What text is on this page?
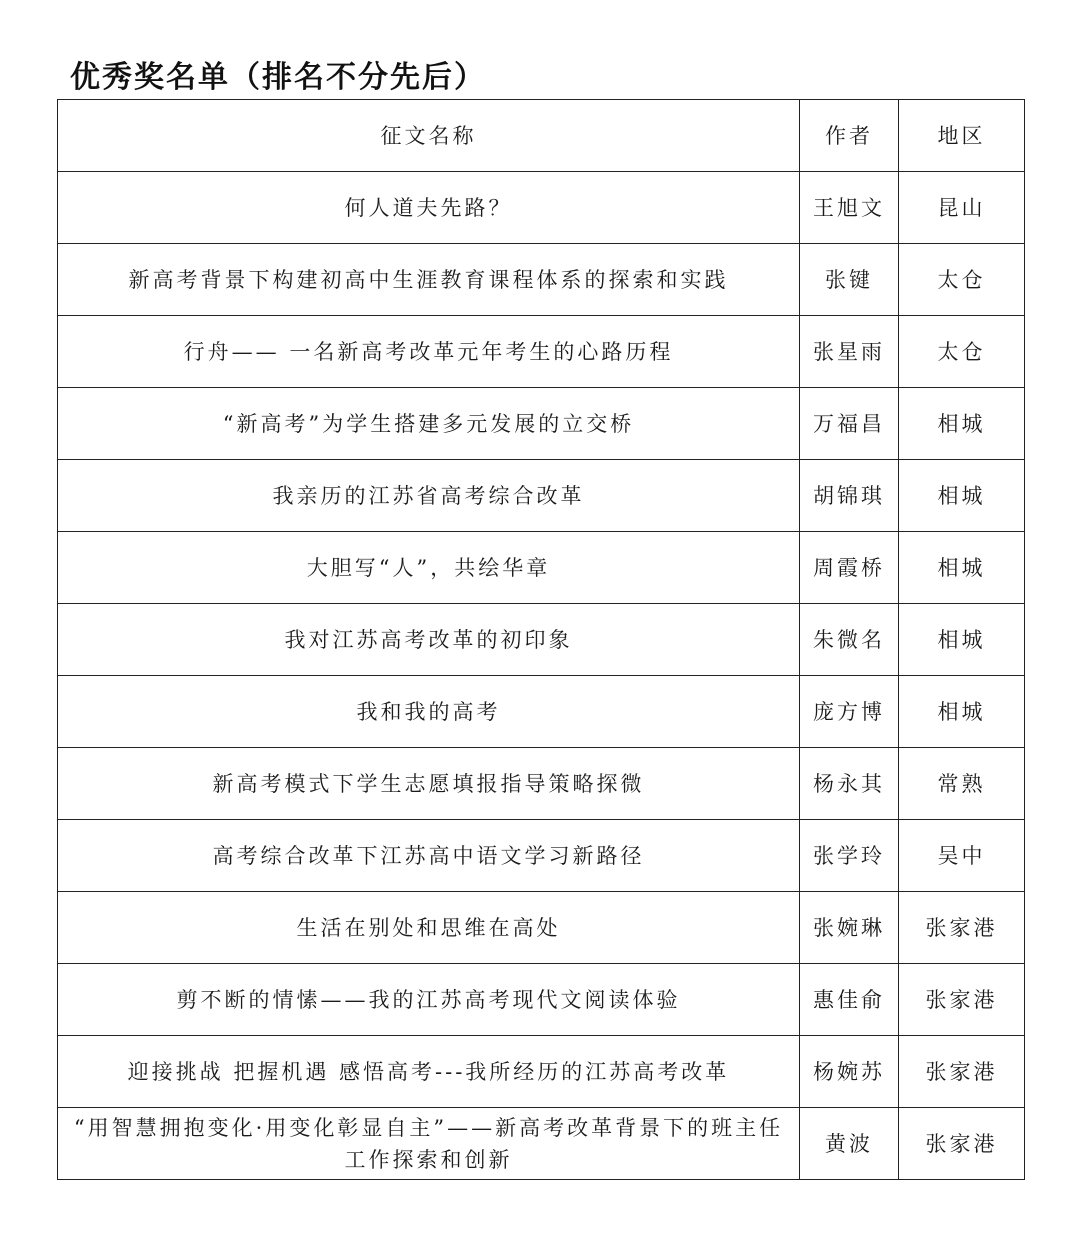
优秀奖名单（排名不分先后）
征文名称	作者	地区
何人道夫先路？	王旭文	昆山
新高考背景下构建初高中生涯教育课程体系的探索和实践	张键	太仓
行舟—— 一名新高考改革元年考生的心路历程	张星雨	太仓
“新高考”为学生搭建多元发展的立交桥	万福昌	相城
我亲历的江苏省高考综合改革	胡锦琪	相城
大胆写“人”，共绘华章	周霞桥	相城
我对江苏高考改革的初印象	朱微名	相城
我和我的高考	庞方博	相城
新高考模式下学生志愿填报指导策略探微	杨永其	常熟
高考综合改革下江苏高中语文学习新路径	张学玲	吴中
生活在别处和思维在高处	张婉琳	张家港
剪不断的情愫——我的江苏高考现代文阅读体验	惠佳俞	张家港
迎接挑战 把握机遇 感悟高考---我所经历的江苏高考改革	杨婉苏	张家港
“用智慧拥抱变化·用变化彰显自主”——新高考改革背景下的班主任工作探索和创新	黄波	张家港
